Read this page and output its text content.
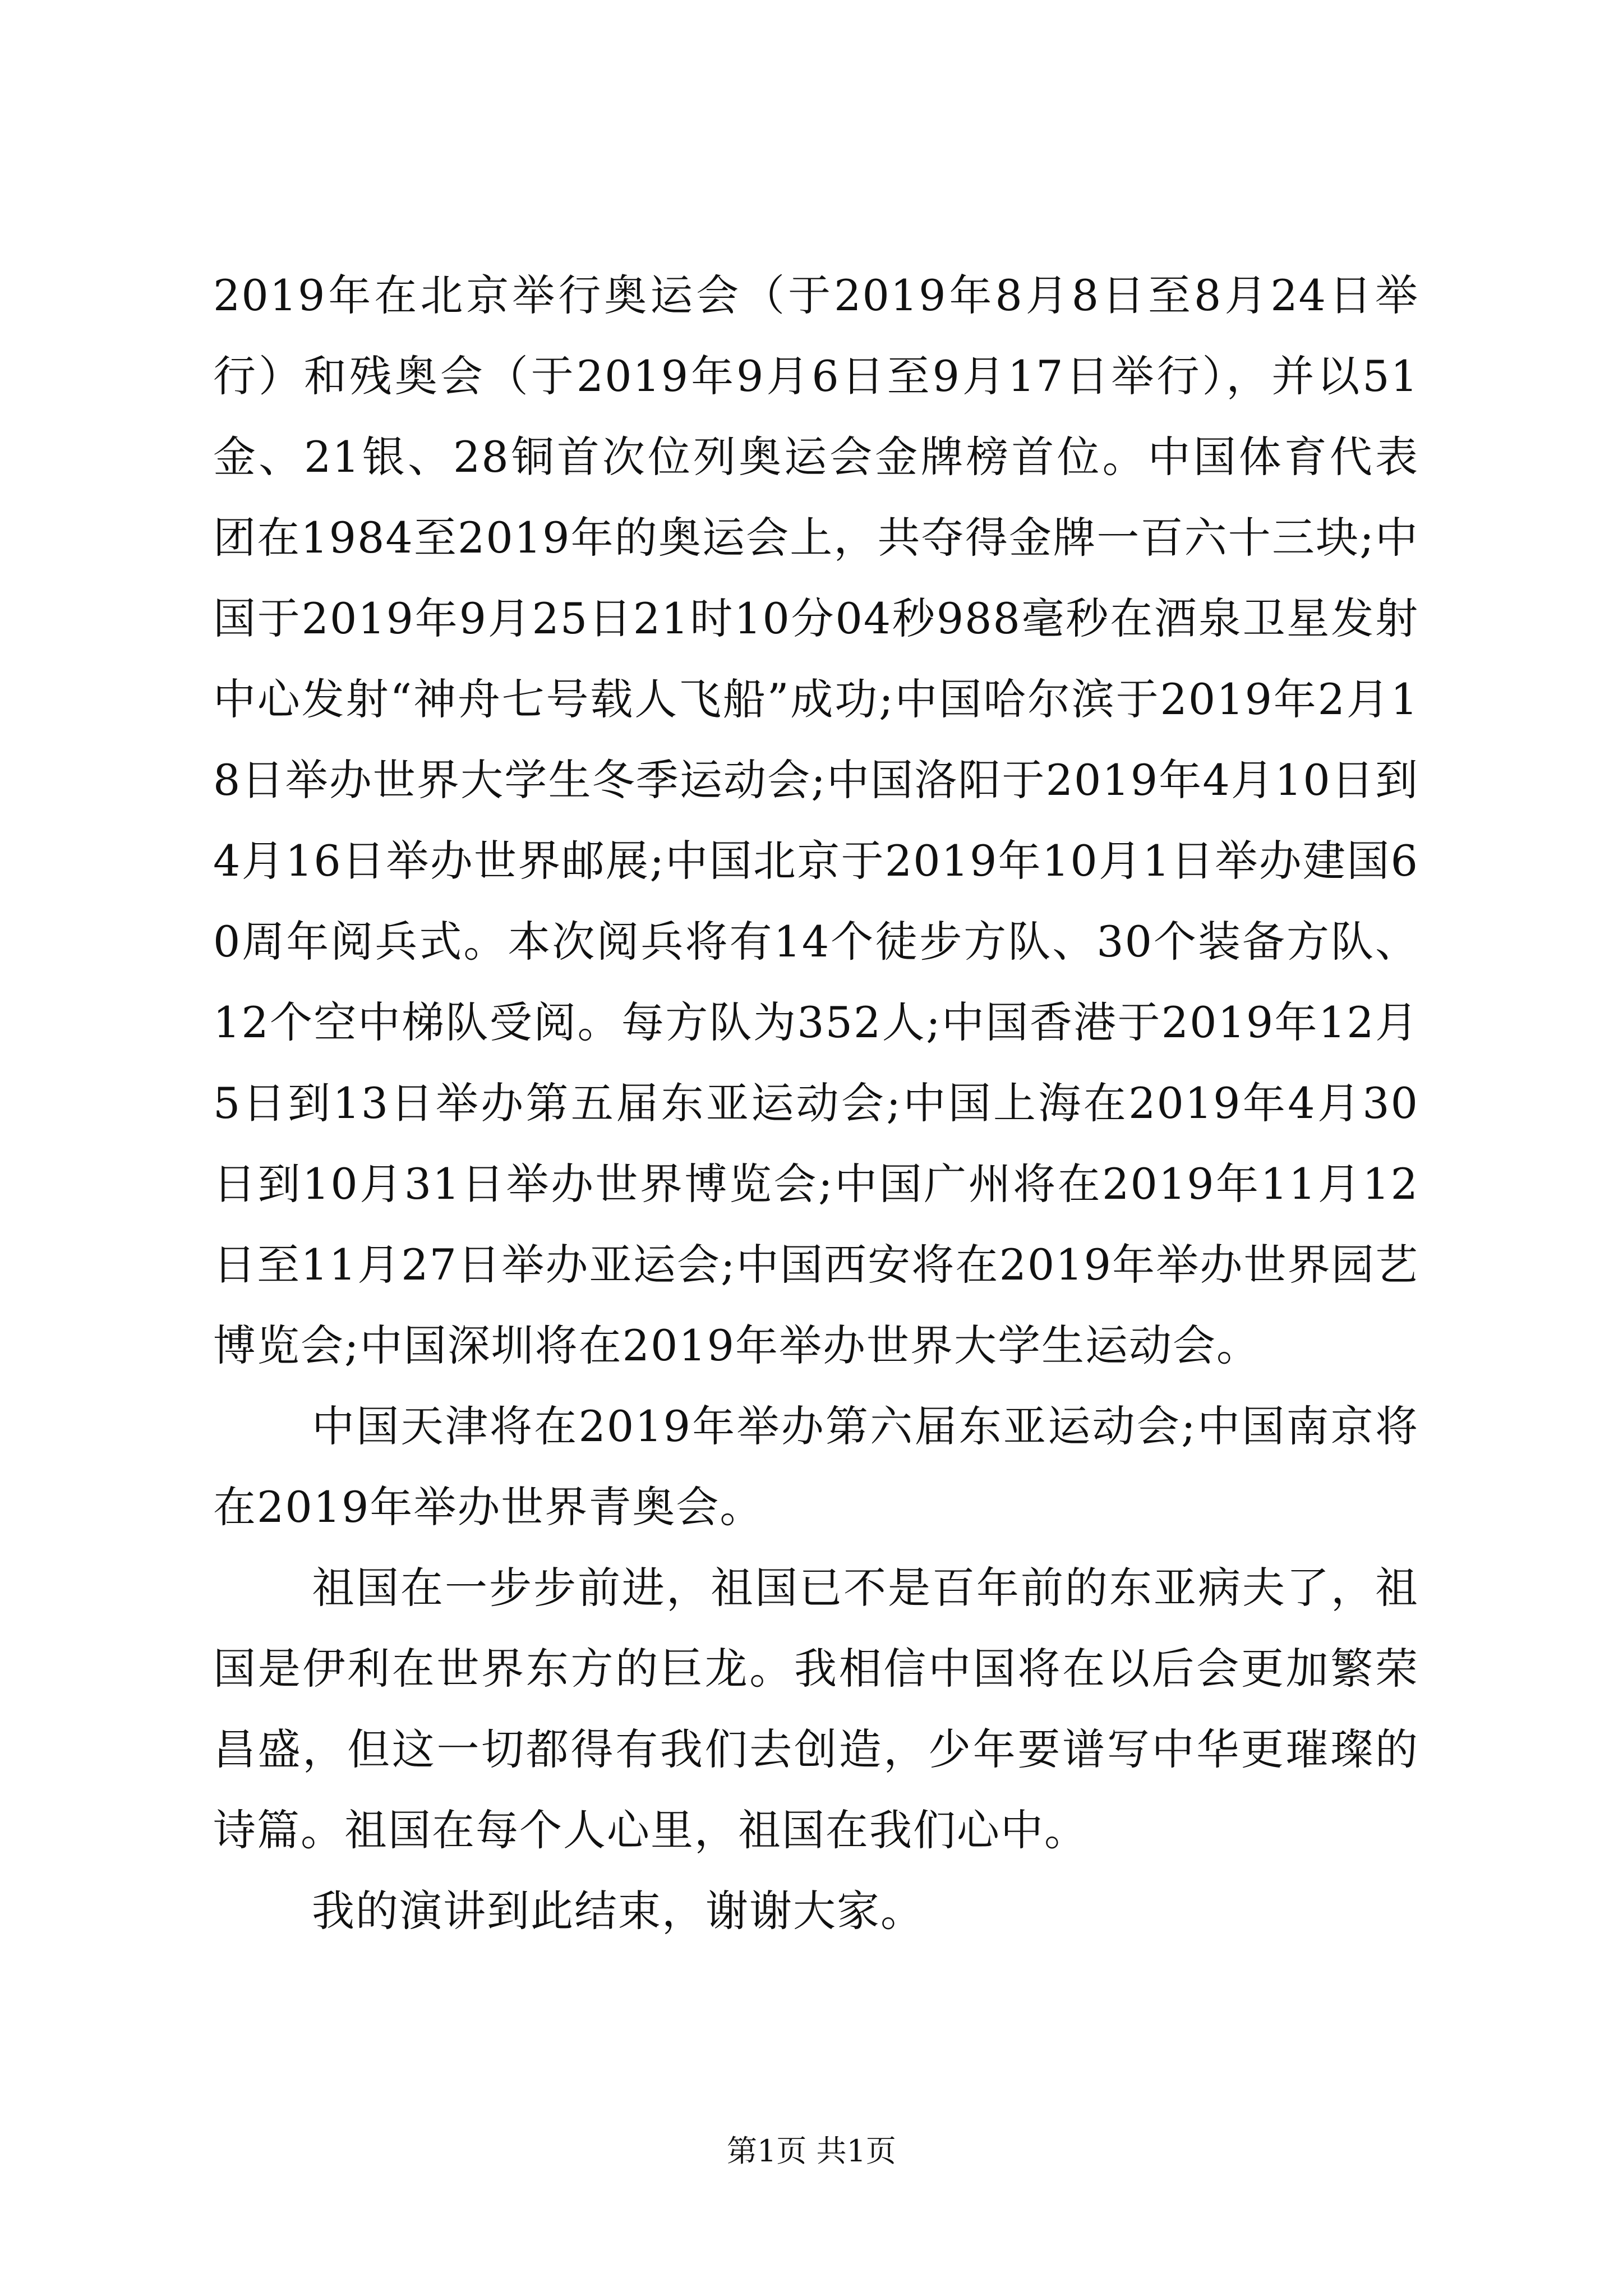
2019年在北京举行奥运会（于2019年8月8日至8月24日举行）和残奥会（于2019年9月6日至9月17日举行），并以51金、21银、28铜首次位列奥运会金牌榜首位。中国体育代表团在1984至2019年的奥运会上，共夺得金牌一百六十三块;中国于2019年9月25日21时10分04秒988毫秒在酒泉卫星发射中心发射“神舟七号载人飞船”成功;中国哈尔滨于2019年2月18日举办世界大学生冬季运动会;中国洛阳于2019年4月10日到4月16日举办世界邮展;中国北京于2019年10月1日举办建国60周年阅兵式。本次阅兵将有14个徒步方队、30个装备方队、12个空中梯队受阅。每方队为352人;中国香港于2019年12月5日到13日举办第五届东亚运动会;中国上海在2019年4月30日到10月31日举办世界博览会;中国广州将在2019年11月12日至11月27日举办亚运会;中国西安将在2019年举办世界园艺博览会;中国深圳将在2019年举办世界大学生运动会。

中国天津将在2019年举办第六届东亚运动会;中国南京将在2019年举办世界青奥会。

祖国在一步步前进，祖国已不是百年前的东亚病夫了，祖国是伊利在世界东方的巨龙。我相信中国将在以后会更加繁荣昌盛，但这一切都得有我们去创造，少年要谱写中华更璀璨的诗篇。祖国在每个人心里，祖国在我们心中。

我的演讲到此结束，谢谢大家。

第1页 共1页
